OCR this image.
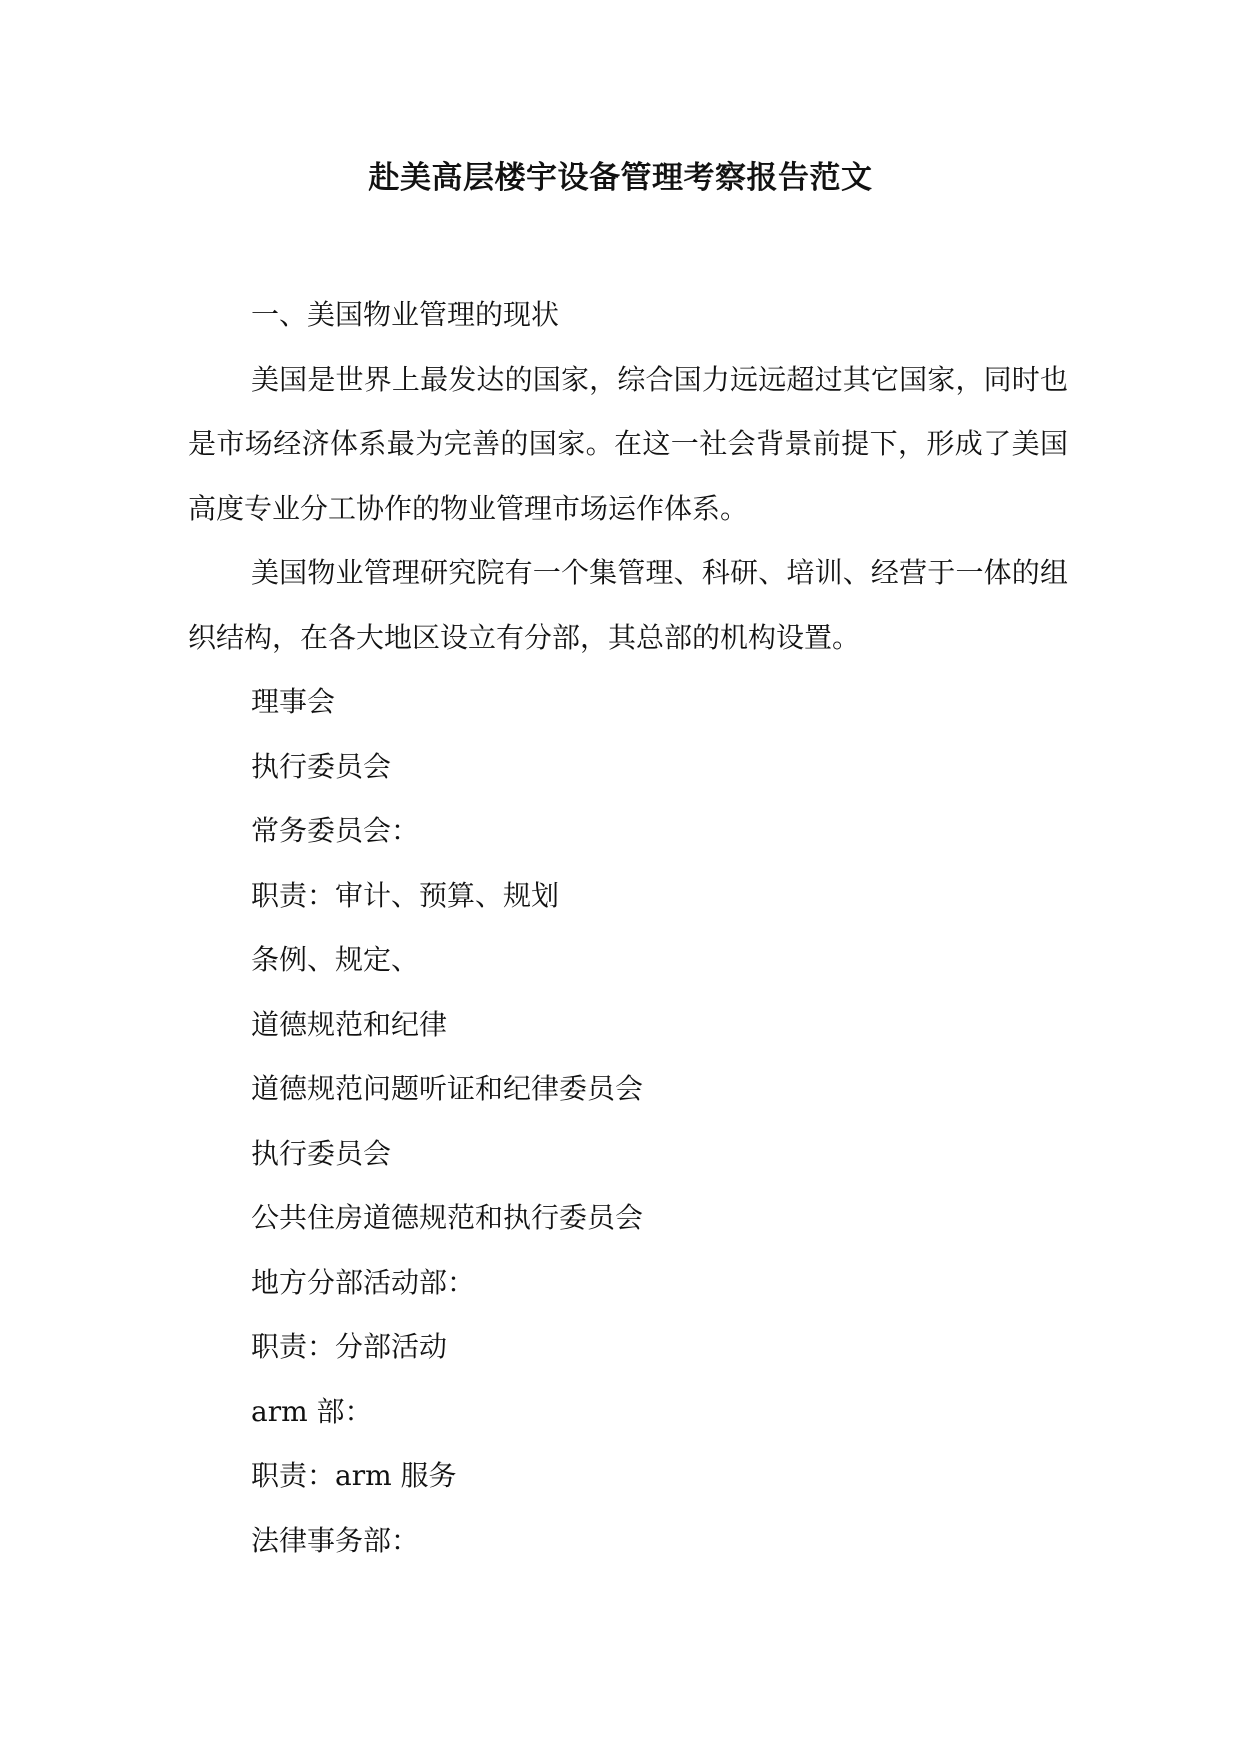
赴美高层楼宇设备管理考察报告范文

一、美国物业管理的现状

美国是世界上最发达的国家，综合国力远远超过其它国家，同时也是市场经济体系最为完善的国家。在这一社会背景前提下，形成了美国高度专业分工协作的物业管理市场运作体系。

美国物业管理研究院有一个集管理、科研、培训、经营于一体的组织结构，在各大地区设立有分部，其总部的机构设置。

理事会

执行委员会

常务委员会：

职责：审计、预算、规划

条例、规定、

道德规范和纪律

道德规范问题听证和纪律委员会

执行委员会

公共住房道德规范和执行委员会

地方分部活动部：

职责：分部活动

arm 部：

职责：arm 服务

法律事务部：
